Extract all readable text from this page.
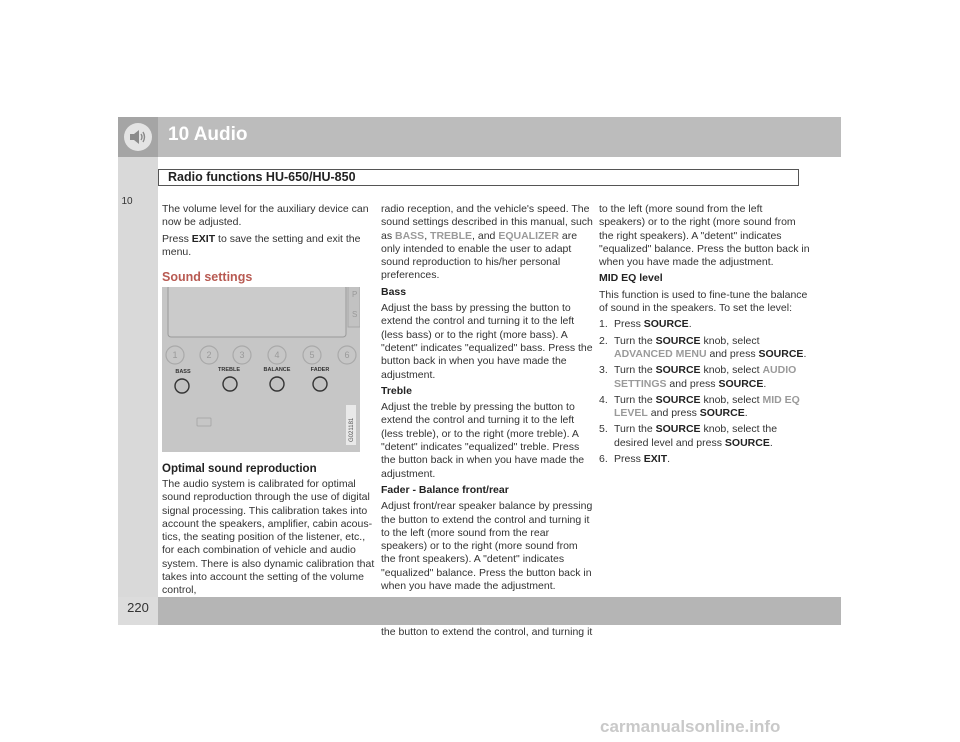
10 Audio
Radio functions HU-650/HU-850
10

The volume level for the auxiliary device can now be adjusted.

Press EXIT to save the setting and exit the menu.

Sound settings
P
S
1	2	3	4	5	6
BASS	TREBLE	BALANCE	FADER
G021181
Optimal sound reproduction
The audio system is calibrated for optimal sound reproduction through the use of digital signal processing. This calibration takes into account the speakers, amplifier, cabin acoustics, the seating position of the listener, etc., for each combination of vehicle and audio system. There is also dynamic calibration that takes into account the setting of the volume control,

radio reception, and the vehicle's speed. The sound settings described in this manual, such as BASS, TREBLE, and EQUALIZER are only intended to enable the user to adapt sound reproduction to his/her personal preferences.

Bass

Adjust the bass by pressing the button to extend the control and turning it to the left (less bass) or to the right (more bass). A "detent" indicates "equalized" bass. Press the button back in when you have made the adjustment.

Treble

Adjust the treble by pressing the button to extend the control and turning it to the left (less treble), or to the right (more treble). A "detent" indicates "equalized" treble. Press the button back in when you have made the adjustment.

Fader - Balance front/rear

Adjust front/rear speaker balance by pressing the button to extend the control and turning it to the left (more sound from the rear speakers) or to the right (more sound from the front speakers). A "detent" indicates "equalized" balance. Press the button back in when you have made the adjustment.

the button to extend the control, and turning it

to the left (more sound from the left speakers) or to the right (more sound from the right speakers). A "detent" indicates "equalized" balance. Press the button back in when you have made the adjustment.

MID EQ level

This function is used to fine-tune the balance of sound in the speakers. To set the level:

1. Press SOURCE.
2. Turn the SOURCE knob, select ADVANCED MENU and press SOURCE.
3. Turn the SOURCE knob, select AUDIO SETTINGS and press SOURCE.
4. Turn the SOURCE knob, select MID EQ LEVEL and press SOURCE.
5. Turn the SOURCE knob, select the desired level and press SOURCE.
6. Press EXIT.
220
carmanualsonline.info
